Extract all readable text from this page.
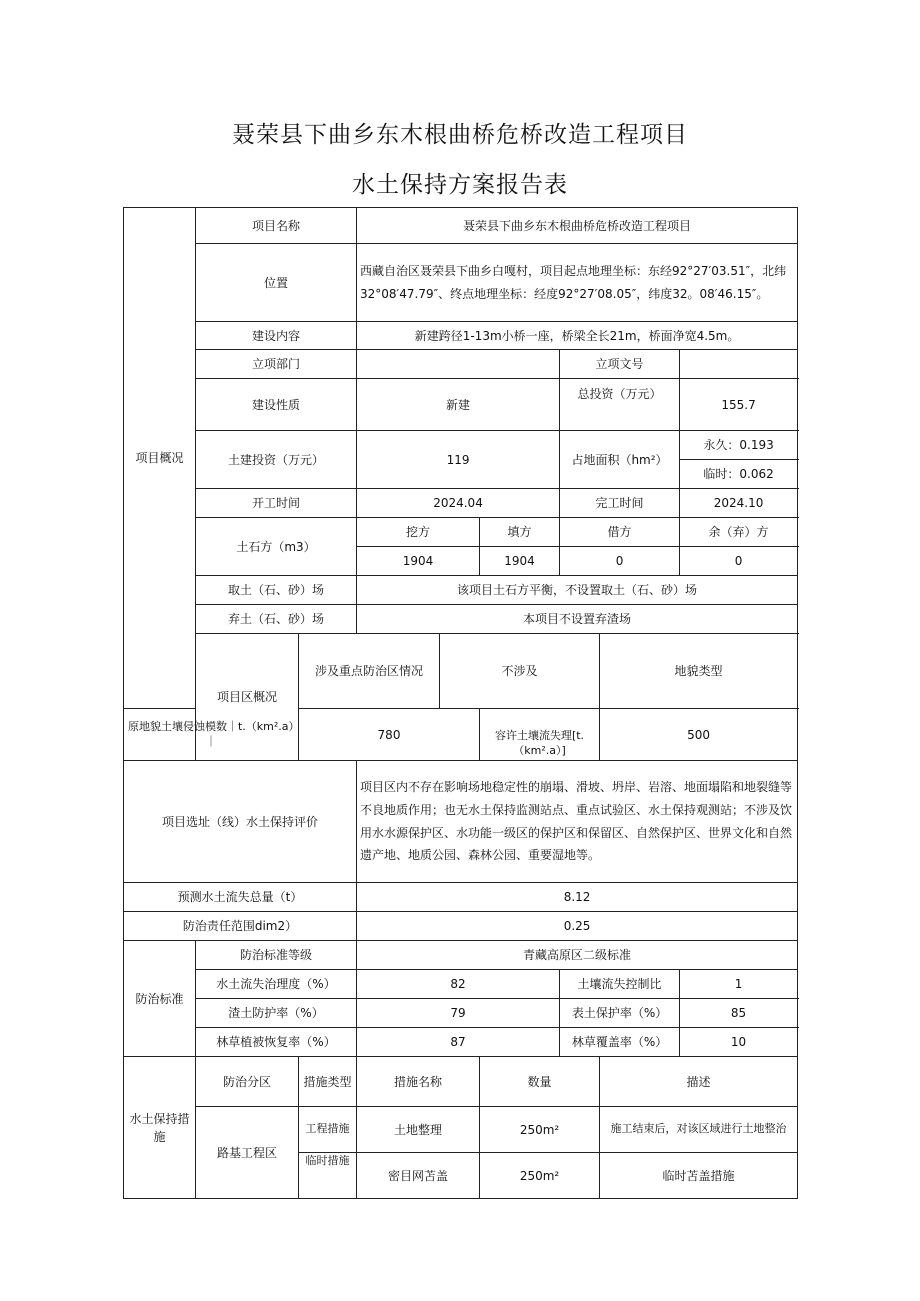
聂荣县下曲乡东木根曲桥危桥改造工程项目
水土保持方案报告表
项目概况	项目名称		聂荣县下曲乡东木根曲桥危桥改造工程项目						
	位置		西藏自治区聂荣县下曲乡白嘎村，项目起点地理坐标：东经92°27′03.51″，北纬32°08′47.79″、终点地理坐标：经度92°27′08.05″，纬度32。08′46.15″。						
	建设内容		新建跨径1-13m小桥一座，桥梁全长21m，桥面净宽4.5m。						
	立项部门					立项文号			
	建设性质		新建			总投资（万元）		155.7	
	土建投资（万元）		119			占地面积（hm²）		永久：0.193	
								临时：0.062	
	开工时间		2024.04			完工时间		2024.10	
	土石方（m3）		挖方		填方	借方		余（弃）方	
			1904		1904	0		0	
	取土（石、砂）场		该项目土石方平衡，不设置取土（石、砂）场						
	弃土（石、砂）场		本项目不设置弃渣场						
	项目区概况	涉及重点防治区情况		不涉及			地貌类型	
原地貌土壤侵蚀模数｜t.（km².a）｜		780			容许土壤流失理[t.（km².a）]		500		
项目选址（线）水土保持评价			项目区内不存在影响场地稳定性的崩塌、滑坡、坍岸、岩溶、地面塌陷和地裂缝等不良地质作用；也无水土保持监测站点、重点试验区、水土保持观测站；不涉及饮用水水源保护区、水功能一级区的保护区和保留区、自然保护区、世界文化和自然遗产地、地质公园、森林公园、重要湿地等。						
预测水土流失总量（t）			8.12						
防治责任范围dim2）			0.25						
防治标准	防治标准等级		青藏高原区二级标准						
	水土流失治理度（%）		82			土壤流失控制比		1	
	渣土防护率（%）		79			表土保护率（%）		85	
	林草植被恢复率（%）		87			林草覆盖率（%）		10	
水土保持措施	防治分区	措施类型	措施名称		数量		描述		
	路基工程区	工程措施	土地整理		250m²		施工结束后，对该区域进行土地整治		
		临时措施	密目网苫盖		250m²		临时苫盖措施		
